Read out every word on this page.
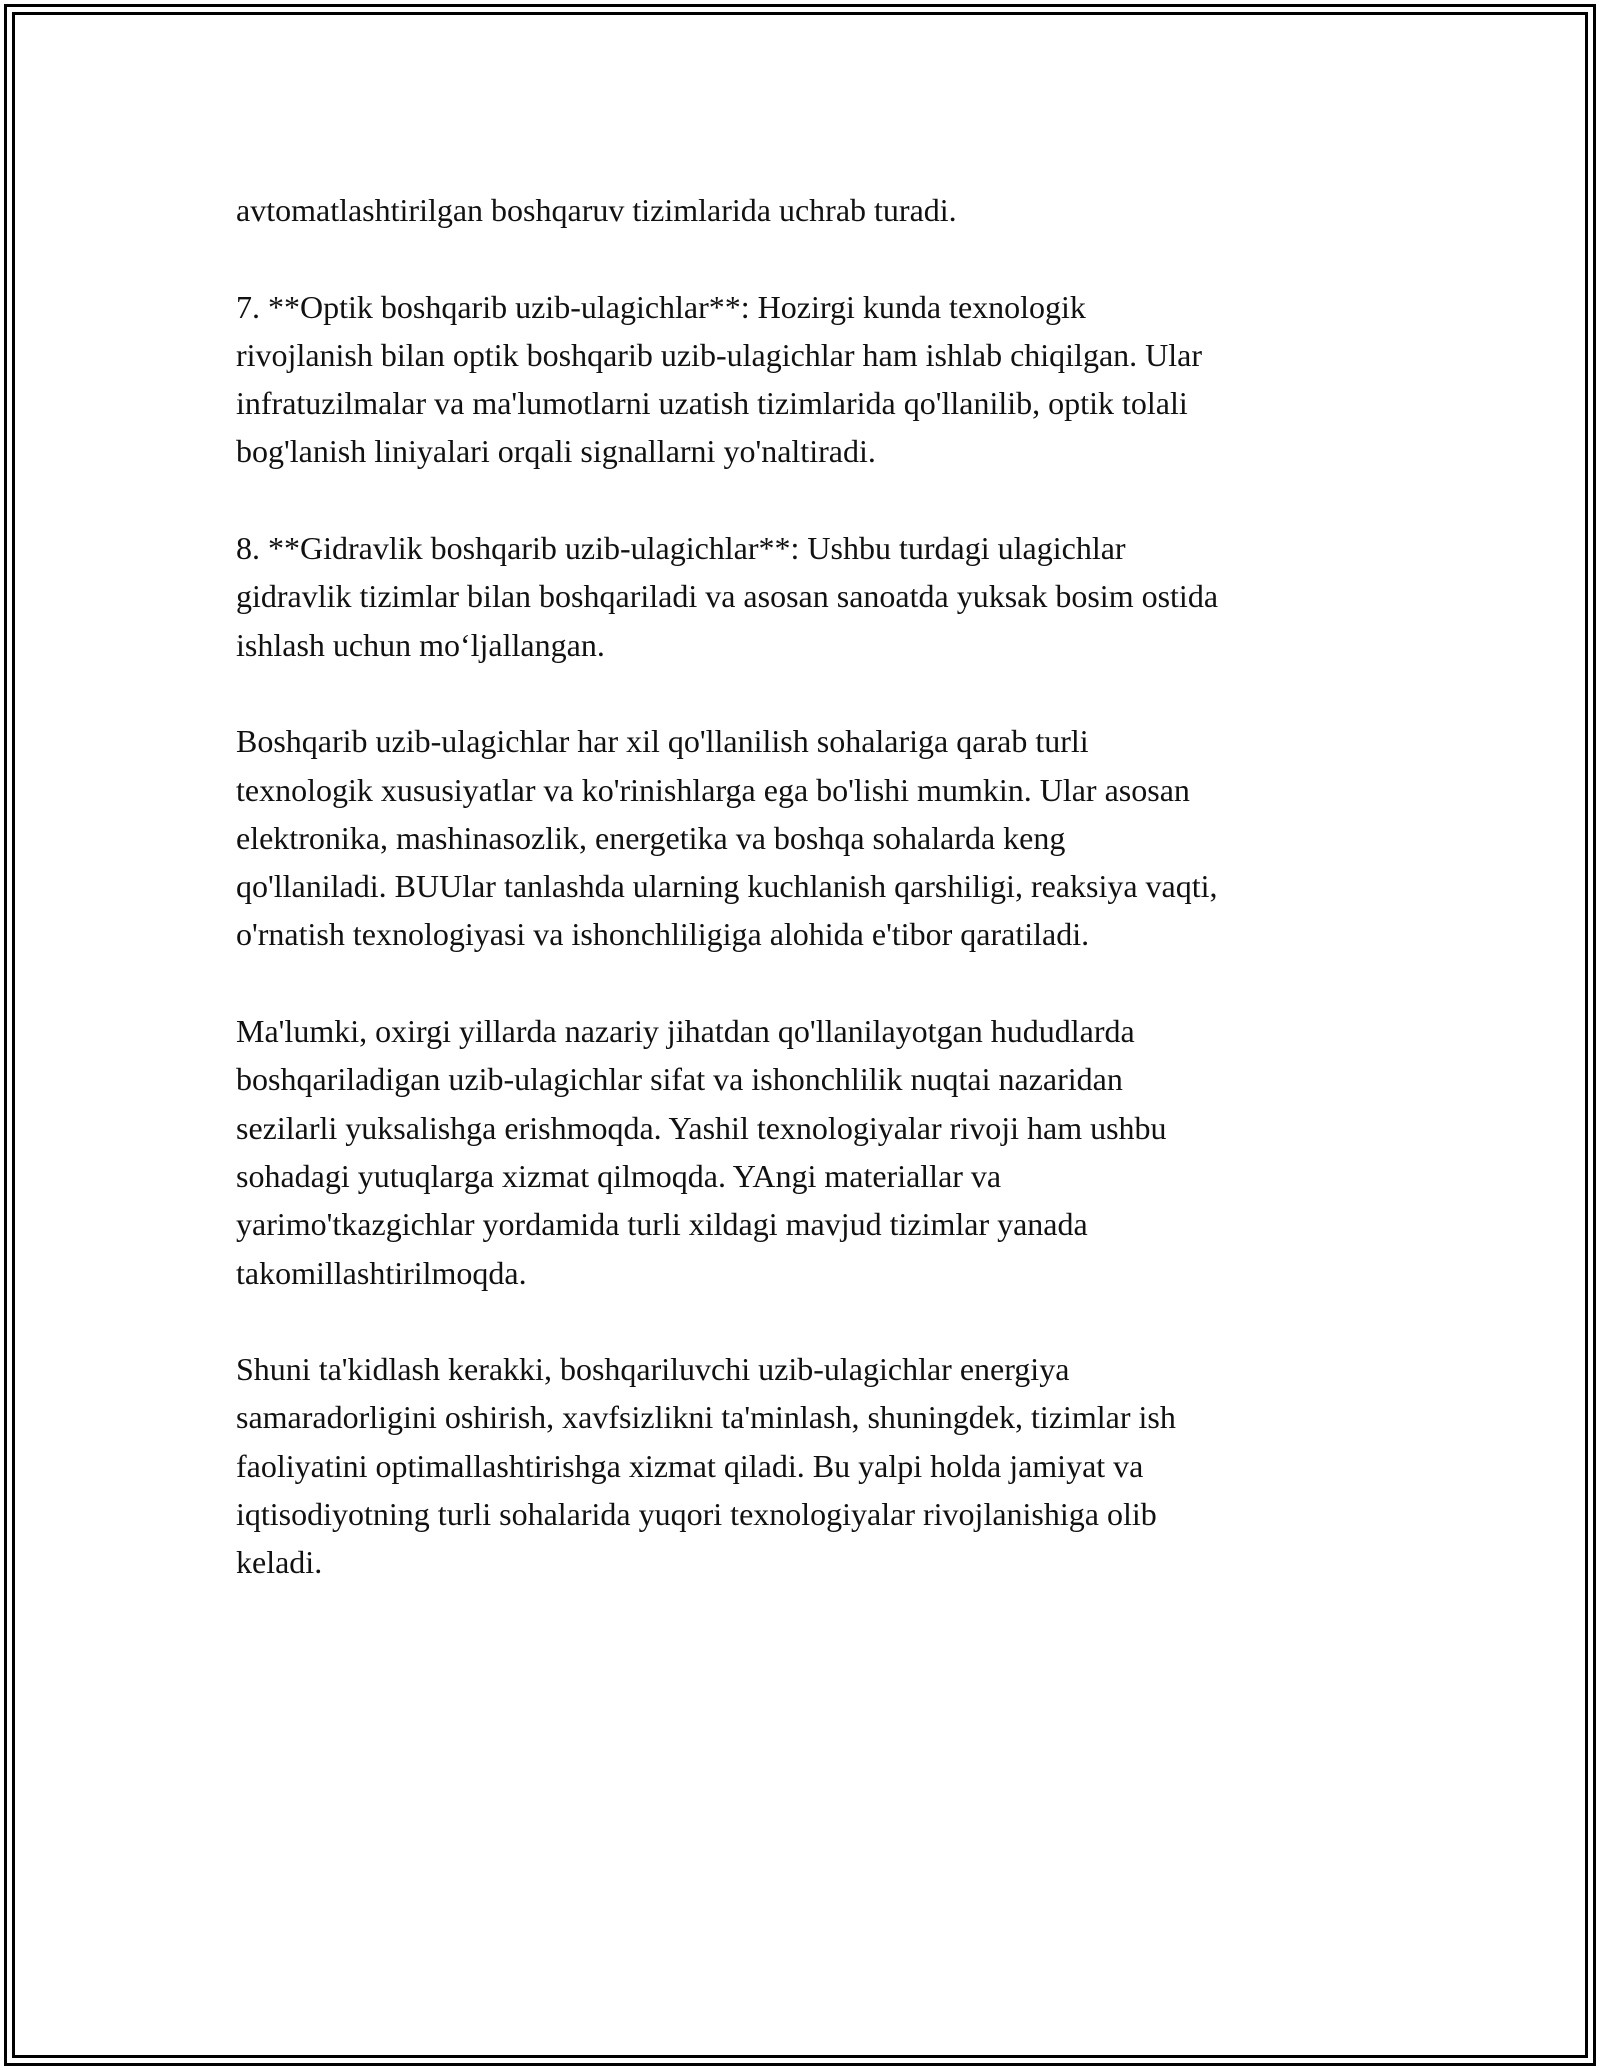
avtomatlashtirilgan boshqaruv tizimlarida uchrab turadi.

7. **Optik boshqarib uzib-ulagichlar**: Hozirgi kunda texnologik
rivojlanish bilan optik boshqarib uzib-ulagichlar ham ishlab chiqilgan. Ular
infratuzilmalar va ma'lumotlarni uzatish tizimlarida qo'llanilib, optik tolali
bog'lanish liniyalari orqali signallarni yo'naltiradi.

8. **Gidravlik boshqarib uzib-ulagichlar**: Ushbu turdagi ulagichlar
gidravlik tizimlar bilan boshqariladi va asosan sanoatda yuksak bosim ostida
ishlash uchun mo‘ljallangan.

Boshqarib uzib-ulagichlar har xil qo'llanilish sohalariga qarab turli
texnologik xususiyatlar va ko'rinishlarga ega bo'lishi mumkin. Ular asosan
elektronika, mashinasozlik, energetika va boshqa sohalarda keng
qo'llaniladi. BUUlar tanlashda ularning kuchlanish qarshiligi, reaksiya vaqti,
o'rnatish texnologiyasi va ishonchliligiga alohida e'tibor qaratiladi.

Ma'lumki, oxirgi yillarda nazariy jihatdan qo'llanilayotgan hududlarda
boshqariladigan uzib-ulagichlar sifat va ishonchlilik nuqtai nazaridan
sezilarli yuksalishga erishmoqda. Yashil texnologiyalar rivoji ham ushbu
sohadagi yutuqlarga xizmat qilmoqda. YAngi materiallar va
yarimo'tkazgichlar yordamida turli xildagi mavjud tizimlar yanada
takomillashtirilmoqda.

Shuni ta'kidlash kerakki, boshqariluvchi uzib-ulagichlar energiya
samaradorligini oshirish, xavfsizlikni ta'minlash, shuningdek, tizimlar ish
faoliyatini optimallashtirishga xizmat qiladi. Bu yalpi holda jamiyat va
iqtisodiyotning turli sohalarida yuqori texnologiyalar rivojlanishiga olib
keladi.
